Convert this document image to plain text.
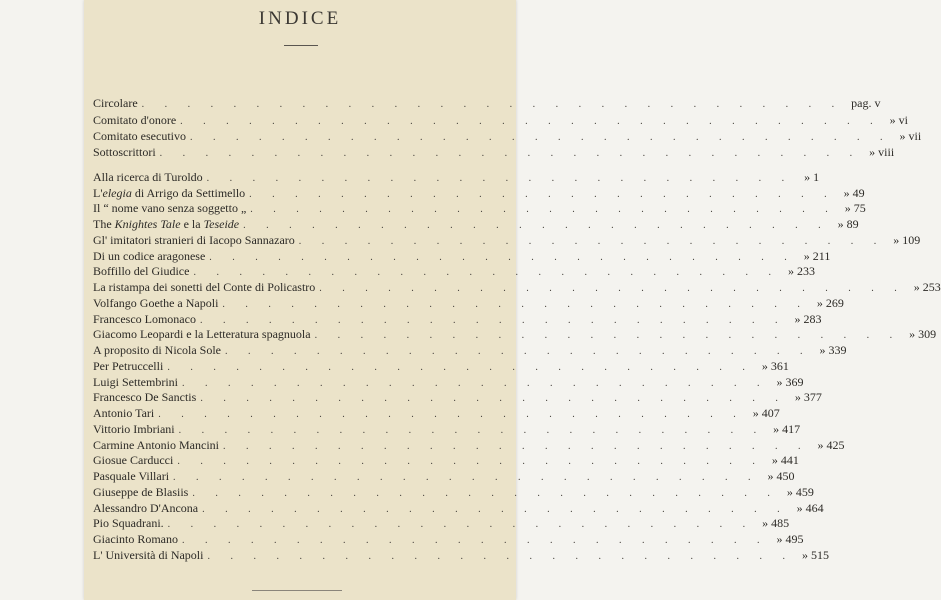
INDICE
Circolare . . . . . . . . . . . . . . . . . . . . . . . . . . . . . . . pag. v
Comitato d'onore . . . . . . . . . . . . . . . . . . . . . . . . . . . . . . . » vi
Comitato esecutivo . . . . . . . . . . . . . . . . . . . . . . . . . . . . . . . » vii
Sottoscrittori . . . . . . . . . . . . . . . . . . . . . . . . . . . . . . . » viii
Alla ricerca di Turoldo . . . . . . . . . . . . . . . . . . . . . . . . . . » 1
L'elegia di Arrigo da Settimello . . . . . . . . . . . . . . . . . . . . . . . . . . » 49
Il “ nome vano senza soggetto „ . . . . . . . . . . . . . . . . . . . . . . . . . . » 75
The Knightes Tale e la Teseide . . . . . . . . . . . . . . . . . . . . . . . . . . » 89
Gl' imitatori stranieri di Iacopo Sannazaro . . . . . . . . . . . . . . . . . . . . . . . . . . » 109
Di un codice aragonese . . . . . . . . . . . . . . . . . . . . . . . . . . » 211
Boffillo del Giudice . . . . . . . . . . . . . . . . . . . . . . . . . . » 233
La ristampa dei sonetti del Conte di Policastro . . . . . . . . . . . . . . . . . . . . . . . . . . » 253
Volfango Goethe a Napoli . . . . . . . . . . . . . . . . . . . . . . . . . . » 269
Francesco Lomonaco . . . . . . . . . . . . . . . . . . . . . . . . . . » 283
Giacomo Leopardi e la Letteratura spagnuola . . . . . . . . . . . . . . . . . . . . . . . . . . » 309
A proposito di Nicola Sole . . . . . . . . . . . . . . . . . . . . . . . . . . » 339
Per Petruccelli . . . . . . . . . . . . . . . . . . . . . . . . . . » 361
Luigi Settembrini . . . . . . . . . . . . . . . . . . . . . . . . . . » 369
Francesco De Sanctis . . . . . . . . . . . . . . . . . . . . . . . . . . » 377
Antonio Tari . . . . . . . . . . . . . . . . . . . . . . . . . . » 407
Vittorio Imbriani . . . . . . . . . . . . . . . . . . . . . . . . . . » 417
Carmine Antonio Mancini . . . . . . . . . . . . . . . . . . . . . . . . . . » 425
Giosue Carducci . . . . . . . . . . . . . . . . . . . . . . . . . . » 441
Pasquale Villari . . . . . . . . . . . . . . . . . . . . . . . . . . » 450
Giuseppe de Blasiis . . . . . . . . . . . . . . . . . . . . . . . . . . » 459
Alessandro D'Ancona . . . . . . . . . . . . . . . . . . . . . . . . . . » 464
Pio Squadrani. . . . . . . . . . . . . . . . . . . . . . . . . . . » 485
Giacinto Romano . . . . . . . . . . . . . . . . . . . . . . . . . . » 495
L' Università di Napoli . . . . . . . . . . . . . . . . . . . . . . . . . . » 515
